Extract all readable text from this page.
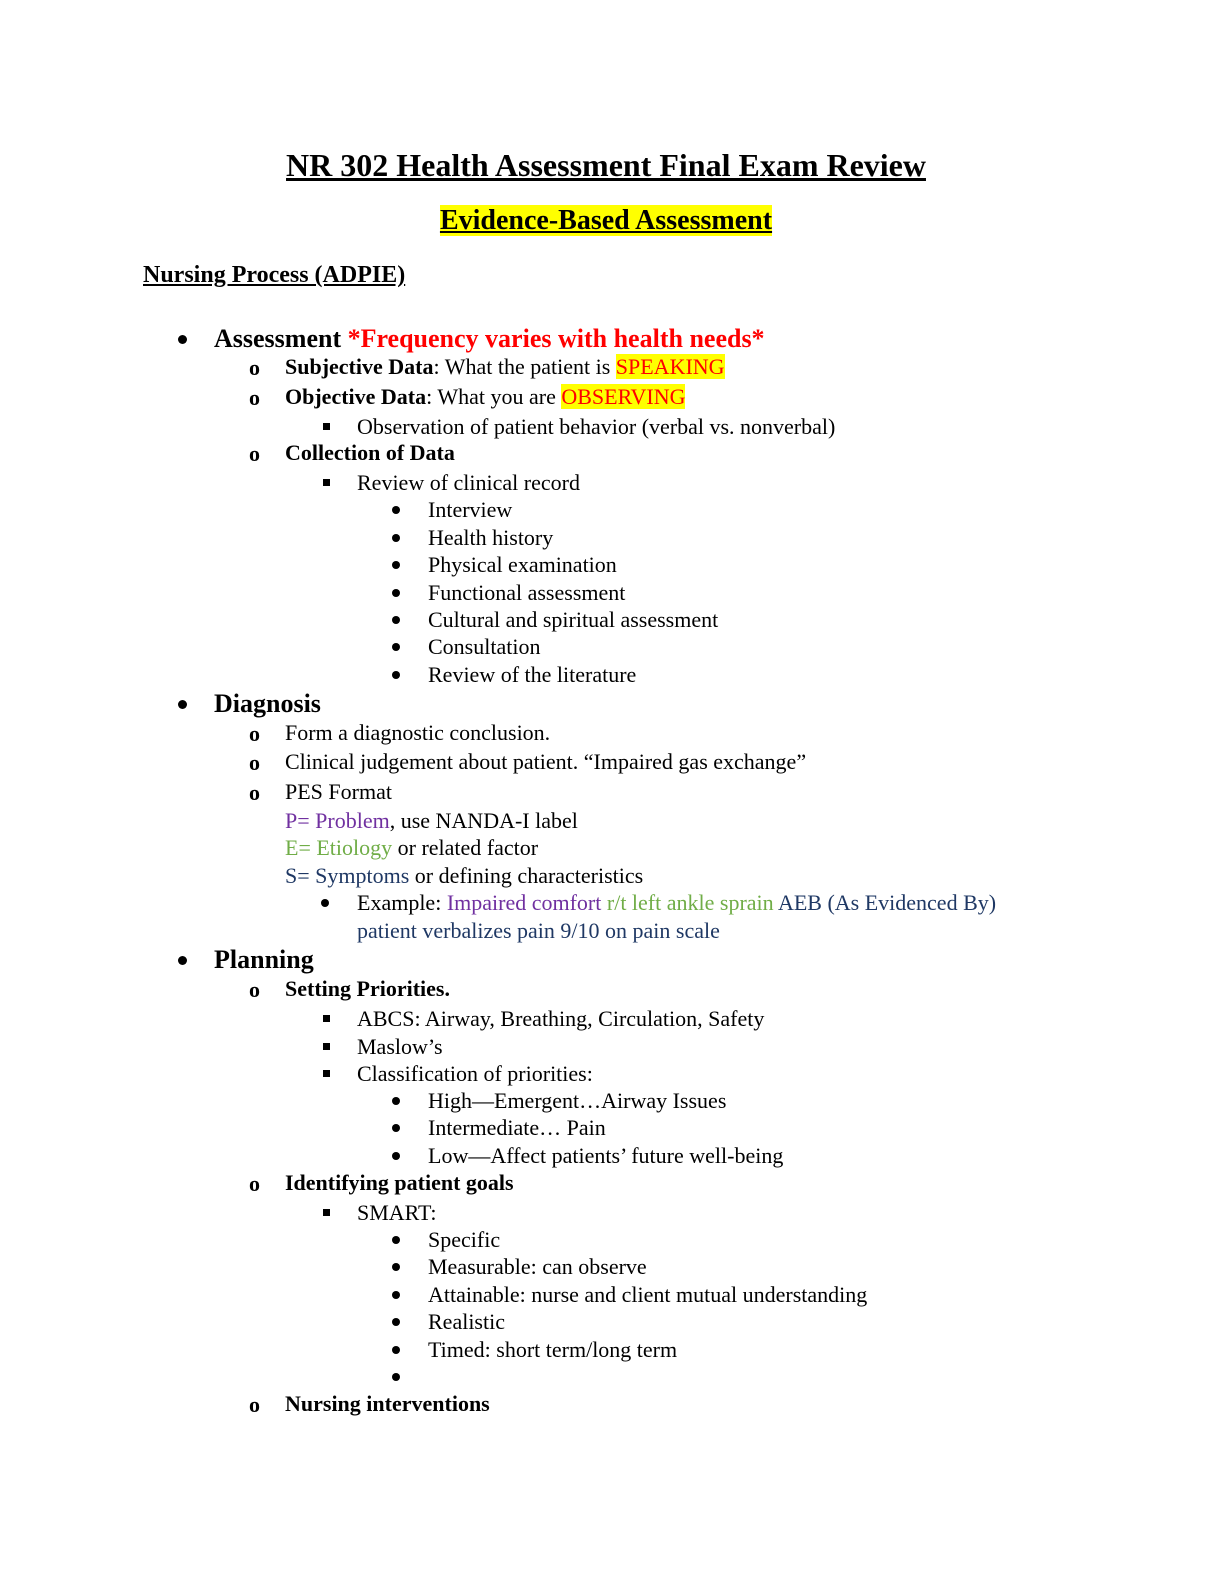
NR 302 Health Assessment Final Exam Review
Evidence-Based Assessment
Nursing Process (ADPIE)
Assessment *Frequency varies with health needs*
o Subjective Data: What the patient is SPEAKING
o Objective Data: What you are OBSERVING
Observation of patient behavior (verbal vs. nonverbal)
o Collection of Data
Review of clinical record
Interview
Health history
Physical examination
Functional assessment
Cultural and spiritual assessment
Consultation
Review of the literature
Diagnosis
o Form a diagnostic conclusion.
o Clinical judgement about patient. “Impaired gas exchange”
o PES Format
P= Problem, use NANDA-I label
E= Etiology or related factor
S= Symptoms or defining characteristics
Example: Impaired comfort r/t left ankle sprain AEB (As Evidenced By)
patient verbalizes pain 9/10 on pain scale
Planning
o Setting Priorities.
ABCS: Airway, Breathing, Circulation, Safety
Maslow’s
Classification of priorities:
High—Emergent…Airway Issues
Intermediate… Pain
Low—Affect patients’ future well-being
o Identifying patient goals
SMART:
Specific
Measurable: can observe
Attainable: nurse and client mutual understanding
Realistic
Timed: short term/long term
o Nursing interventions
